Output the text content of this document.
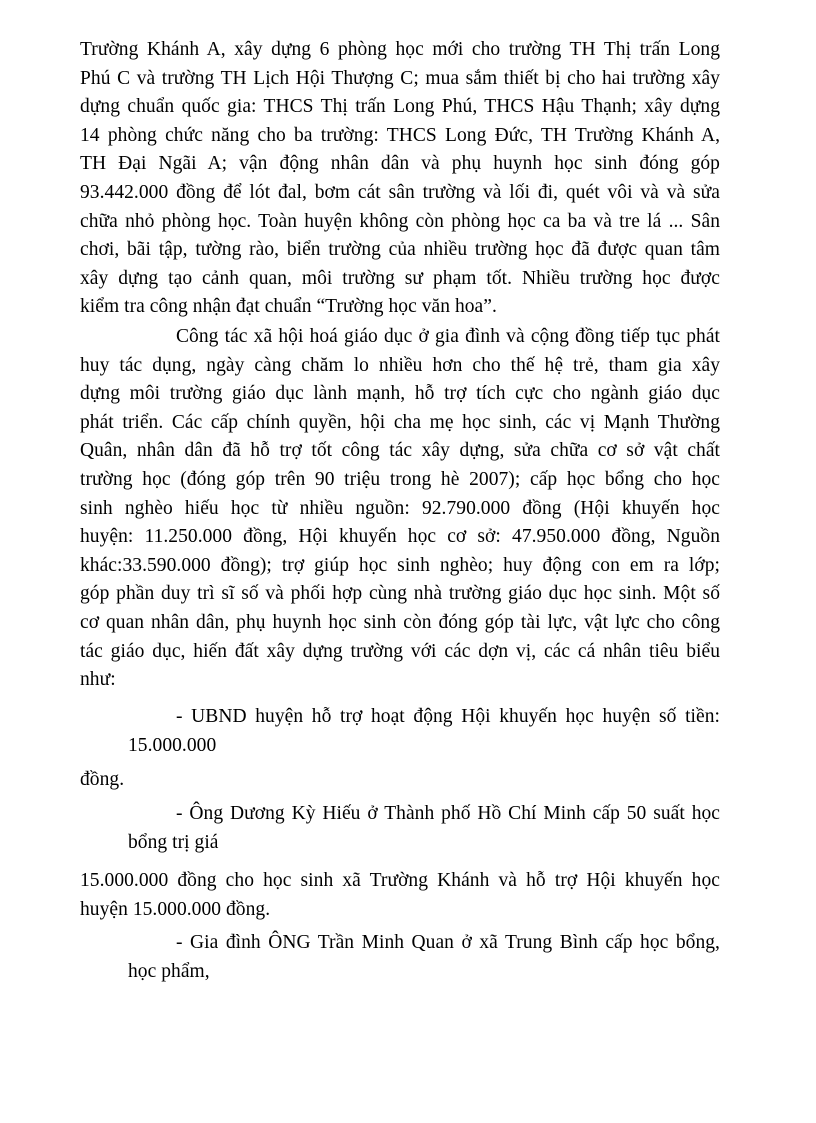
Trường Khánh A, xây dựng 6 phòng học mới cho trường TH Thị trấn Long
Phú C và trường TH Lịch Hội Thượng C; mua sắm thiết bị cho hai trường xây
dựng chuẩn quốc gia: THCS Thị trấn Long Phú, THCS Hậu Thạnh; xây dựng
14 phòng chức năng cho ba trường: THCS Long Đức, TH Trường Khánh A,
TH Đại Ngãi A; vận động nhân dân và phụ huynh học sinh đóng góp
93.442.000 đồng để lót đal, bơm cát sân trường và lối đi, quét vôi và và sửa
chữa nhỏ phòng học. Toàn huyện không còn phòng học ca ba và tre lá ... Sân
chơi, bãi tập, tường rào, biển trường của nhiều trường học đã được quan tâm
xây dựng tạo cảnh quan, môi trường sư phạm tốt. Nhiều trường học được
kiểm tra công nhận đạt chuẩn “Trường học văn hoa”.
Công tác xã hội hoá giáo dục ở gia đình và cộng đồng tiếp tục phát
huy tác dụng, ngày càng chăm lo nhiều hơn cho thế hệ trẻ, tham gia xây
dựng môi trường giáo dục lành mạnh, hỗ trợ tích cực cho ngành giáo dục
phát triển. Các cấp chính quyền, hội cha mẹ học sinh, các vị Mạnh Thường
Quân, nhân dân đã hỗ trợ tốt công tác xây dựng, sửa chữa cơ sở vật chất
trường học (đóng góp trên 90 triệu trong hè 2007); cấp học bổng cho học
sinh nghèo hiếu học từ nhiều nguồn: 92.790.000 đồng (Hội khuyến học
huyện: 11.250.000 đồng, Hội khuyến học cơ sở: 47.950.000 đồng, Nguồn
khác:33.590.000 đồng); trợ giúp học sinh nghèo; huy động con em ra lớp;
góp phần duy trì sĩ số và phối hợp cùng nhà trường giáo dục học sinh. Một số
cơ quan nhân dân, phụ huynh học sinh còn đóng góp tài lực, vật lực cho công
tác giáo dục, hiến đất xây dựng trường với các dợn vị, các cá nhân tiêu biểu
như:
- UBND huyện hỗ trợ hoạt động Hội khuyến học huyện số tiền:
15.000.000
đồng.
- Ông Dương Kỳ Hiếu ở Thành phố Hồ Chí Minh cấp 50 suất học
bổng trị giá
15.000.000 đồng cho học sinh xã Trường Khánh và hỗ trợ Hội khuyến học
huyện 15.000.000 đồng.
- Gia đình ÔNG Trần Minh Quan ở xã Trung Bình cấp học bổng,
học phẩm,
